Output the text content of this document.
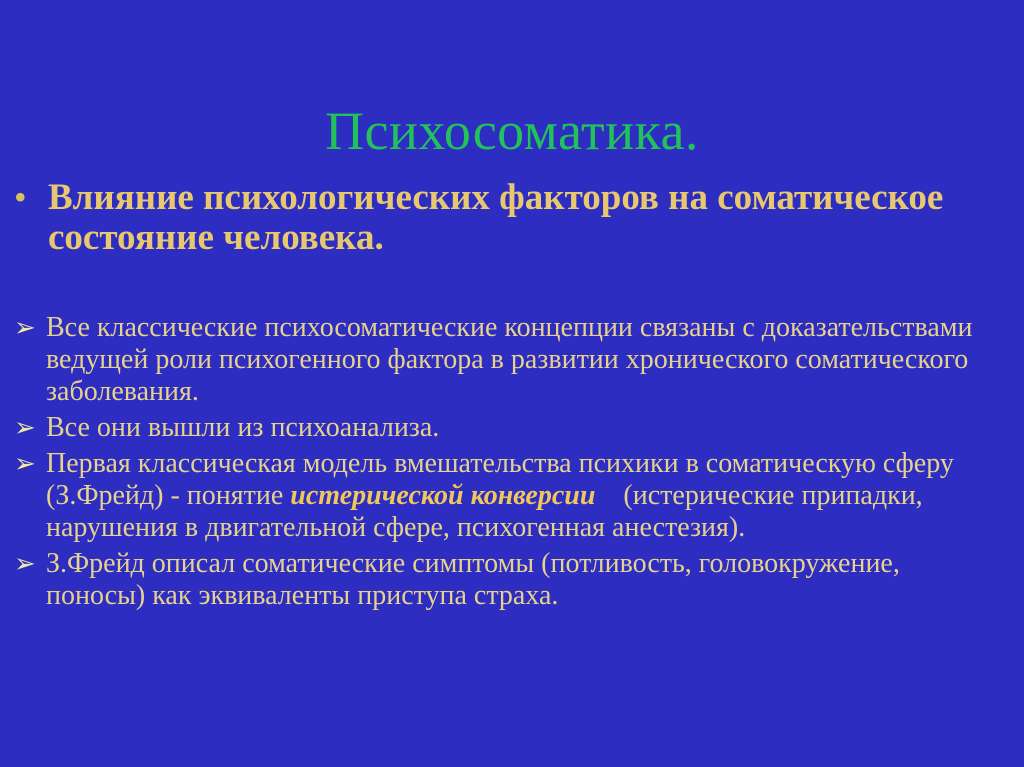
Психосоматика.
• Влияние психологических факторов на соматическое состояние человека.
➢ Все классические психосоматические концепции связаны с доказательствами ведущей роли психогенного фактора в развитии хронического соматического заболевания.
➢ Все они вышли из психоанализа.
➢ Первая классическая модель вмешательства психики в соматическую сферу (З.Фрейд) - понятие истерической конверсии    (истерические припадки, нарушения в двигательной сфере, психогенная анестезия).
➢ З.Фрейд описал соматические симптомы (потливость, головокружение, поносы) как эквиваленты приступа страха.
